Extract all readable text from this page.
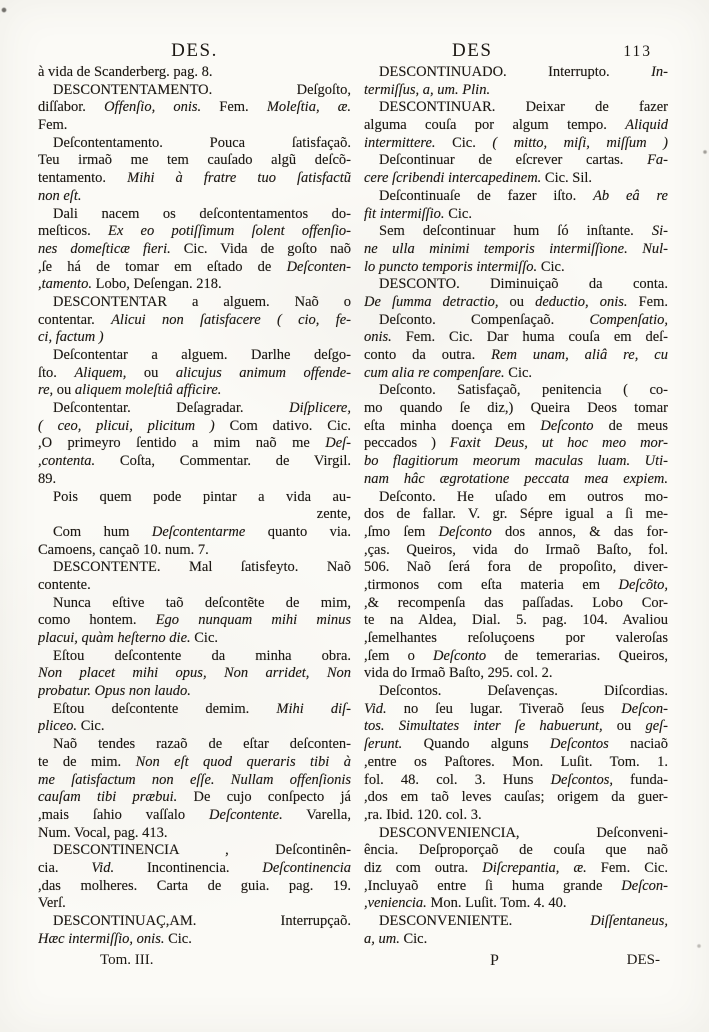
DES.	DES	113
à vida de Scanderberg. pag. 8.
DESCONTENTAMENTO. Deſgoſto,
diſſabor. Offenſio, onis. Fem. Moleſtia, æ.
Fem.
Deſcontentamento. Pouca ſatisfaçaõ.
Teu irmaõ me tem cauſado algũ deſcõ-
tentamento. Mihi à fratre tuo ſatisfactũ
non eſt.
Dali nacem os deſcontentamentos do-
meſticos. Ex eo potiſſimum ſolent offenſio-
nes domeſticæ fieri. Cic. Vida de goſto naõ
,ſe há de tomar em eſtado de Deſconten-
,tamento. Lobo, Deſengan. 218.
DESCONTENTAR a alguem. Naõ o
contentar. Alicui non ſatisfacere ( cio, fe-
ci, factum )
Deſcontentar a alguem. Darlhe deſgo-
ſto. Aliquem, ou alicujus animum offende-
re, ou aliquem moleſtiâ afficire.
Deſcontentar. Deſagradar. Diſplicere,
( ceo, plicui, plicitum ) Com dativo. Cic.
,O primeyro ſentido a mim naõ me Deſ-
,contenta. Coſta, Commentar. de Virgil.
89.
Pois quem pode pintar a vida au-
zente,
Com hum Deſcontentarme quanto via.
Camoens, cançaõ 10. num. 7.
DESCONTENTE. Mal ſatisfeyto. Naõ
contente.
Nunca eſtive taõ deſcontẽte de mim,
como hontem. Ego nunquam mihi minus
placui, quàm heſterno die. Cic.
Eſtou deſcontente da minha obra.
Non placet mihi opus, Non arridet, Non
probatur. Opus non laudo.
Eſtou deſcontente demim. Mihi diſ-
pliceo. Cic.
Naõ tendes razaõ de eſtar deſconten-
te de mim. Non eſt quod queraris tibi à
me ſatisfactum non eſſe. Nullam offenſionis
cauſam tibi præbui. De cujo conſpecto já
,mais ſahio vaſſalo Deſcontente. Varella,
Num. Vocal, pag. 413.
DESCONTINENCIA , Deſcontinên-
cia. Vid. Incontinencia. Deſcontinencia
,das molheres. Carta de guia. pag. 19.
Verſ.
DESCONTINUAÇ,AM. Interrupçaõ.
Hæc intermiſſio, onis. Cic.
DESCONTINUADO. Interrupto. In-
termiſſus, a, um. Plin.
DESCONTINUAR. Deixar de fazer
alguma couſa por algum tempo. Aliquid
intermittere. Cic. ( mitto, miſi, miſſum )
Deſcontinuar de eſcrever cartas. Fa-
cere ſcribendi intercapedinem. Cic. Sil.
Deſcontinuaſe de fazer iſto. Ab eâ re
fit intermiſſio. Cic.
Sem deſcontinuar hum ſó inſtante. Si-
ne ulla minimi temporis intermiſſione. Nul-
lo puncto temporis intermiſſo. Cic.
DESCONTO. Diminuiçaõ da conta.
De ſumma detractio, ou deductio, onis. Fem.
Deſconto. Compenſaçaõ. Compenſatio,
onis. Fem. Cic. Dar huma couſa em deſ-
conto da outra. Rem unam, aliâ re, cu
cum alia re compenſare. Cic.
Deſconto. Satisfaçaõ, penitencia ( co-
mo quando ſe diz,) Queira Deos tomar
eſta minha doença em Deſconto de meus
peccados ) Faxit Deus, ut hoc meo mor-
bo flagitiorum meorum maculas luam. Uti-
nam hâc ægrotatione peccata mea expiem.
Deſconto. He uſado em outros mo-
dos de fallar. V. gr. Sépre igual a ſi me-
,ſmo ſem Deſconto dos annos, & das for-
,ças. Queiros, vida do Irmaõ Baſto, fol.
506. Naõ ſerá fora de propoſito, diver-
,tirmonos com eſta materia em Deſcõto,
,& recompenſa das paſſadas. Lobo Cor-
te na Aldea, Dial. 5. pag. 104. Avaliou
,ſemelhantes reſoluçoens por valeroſas
,ſem o Deſconto de temerarias. Queiros,
vida do Irmaõ Baſto, 295. col. 2.
Deſcontos. Deſavenças. Diſcordias.
Vid. no ſeu lugar. Tiveraõ ſeus Deſcon-
tos. Simultates inter ſe habuerunt, ou geſ-
ſerunt. Quando alguns Deſcontos naciaõ
,entre os Paſtores. Mon. Luſit. Tom. 1.
fol. 48. col. 3. Huns Deſcontos, funda-
,dos em taõ leves cauſas; origem da guer-
,ra. Ibid. 120. col. 3.
DESCONVENIENCIA, Deſconveni-
ência. Deſproporçaõ de couſa que naõ
diz com outra. Diſcrepantia, æ. Fem. Cic.
,Incluyaõ entre ſi huma grande Deſcon-
,veniencia. Mon. Luſit. Tom. 4. 40.
DESCONVENIENTE. Diſſentaneus,
a, um. Cic.
Tom. III.	P	DES-
